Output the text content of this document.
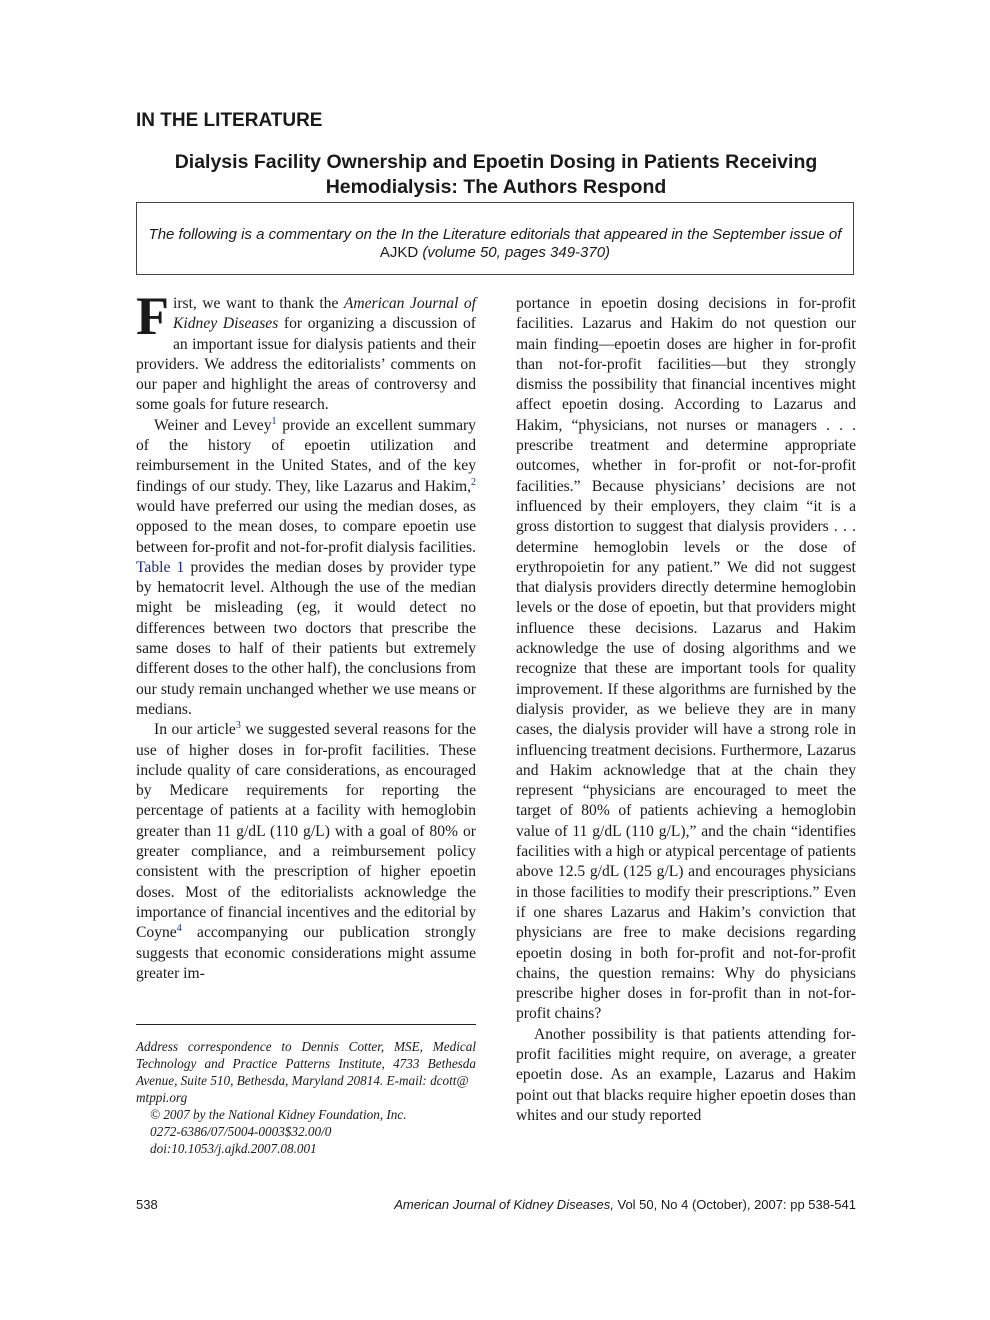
IN THE LITERATURE
Dialysis Facility Ownership and Epoetin Dosing in Patients Receiving Hemodialysis: The Authors Respond
The following is a commentary on the In the Literature editorials that appeared in the September issue of AJKD (volume 50, pages 349-370)

First, we want to thank the American Journal of Kidney Diseases for organizing a discussion of an important issue for dialysis patients and their providers. We address the editorialists’ comments on our paper and highlight the areas of controversy and some goals for future research.

Weiner and Levey$^1$ provide an excellent summary of the history of epoetin utilization and reimbursement in the United States, and of the key findings of our study. They, like Lazarus and Hakim,$^2$ would have preferred our using the median doses, as opposed to the mean doses, to compare epoetin use between for-profit and not-for-profit dialysis facilities. Table 1 provides the median doses by provider type by hematocrit level. Although the use of the median might be misleading (eg, it would detect no differences between two doctors that prescribe the same doses to half of their patients but extremely different doses to the other half), the conclusions from our study remain unchanged whether we use means or medians.

In our article$^3$ we suggested several reasons for the use of higher doses in for-profit facilities. These include quality of care considerations, as encouraged by Medicare requirements for reporting the percentage of patients at a facility with hemoglobin greater than 11 g/dL (110 g/L) with a goal of 80% or greater compliance, and a reimbursement policy consistent with the prescription of higher epoetin doses. Most of the editorialists acknowledge the importance of financial incentives and the editorial by Coyne$^4$ accompanying our publication strongly suggests that economic considerations might assume greater im-

Address correspondence to Dennis Cotter, MSE, Medical Technology and Practice Patterns Institute, 4733 Bethesda Avenue, Suite 510, Bethesda, Maryland 20814. E-mail: dcott@
mtppi.org
© 2007 by the National Kidney Foundation, Inc.
0272-6386/07/5004-0003$32.00/0
doi:10.1053/j.ajkd.2007.08.001

portance in epoetin dosing decisions in for-profit facilities. Lazarus and Hakim do not question our main finding—epoetin doses are higher in for-profit than not-for-profit facilities—but they strongly dismiss the possibility that financial incentives might affect epoetin dosing. According to Lazarus and Hakim, “physicians, not nurses or managers . . . prescribe treatment and determine appropriate outcomes, whether in for-profit or not-for-profit facilities.” Because physicians’ decisions are not influenced by their employers, they claim “it is a gross distortion to suggest that dialysis providers . . . determine hemoglobin levels or the dose of erythropoietin for any patient.” We did not suggest that dialysis providers directly determine hemoglobin levels or the dose of epoetin, but that providers might influence these decisions. Lazarus and Hakim acknowledge the use of dosing algorithms and we recognize that these are important tools for quality improvement. If these algorithms are furnished by the dialysis provider, as we believe they are in many cases, the dialysis provider will have a strong role in influencing treatment decisions. Furthermore, Lazarus and Hakim acknowledge that at the chain they represent “physicians are encouraged to meet the target of 80% of patients achieving a hemoglobin value of 11 g/dL (110 g/L),” and the chain “identifies facilities with a high or atypical percentage of patients above 12.5 g/dL (125 g/L) and encourages physicians in those facilities to modify their prescriptions.” Even if one shares Lazarus and Hakim’s conviction that physicians are free to make decisions regarding epoetin dosing in both for-profit and not-for-profit chains, the question remains: Why do physicians prescribe higher doses in for-profit than in not-for-profit chains?

Another possibility is that patients attending for-profit facilities might require, on average, a greater epoetin dose. As an example, Lazarus and Hakim point out that blacks require higher epoetin doses than whites and our study reported

538	American Journal of Kidney Diseases, Vol 50, No 4 (October), 2007: pp 538-541
